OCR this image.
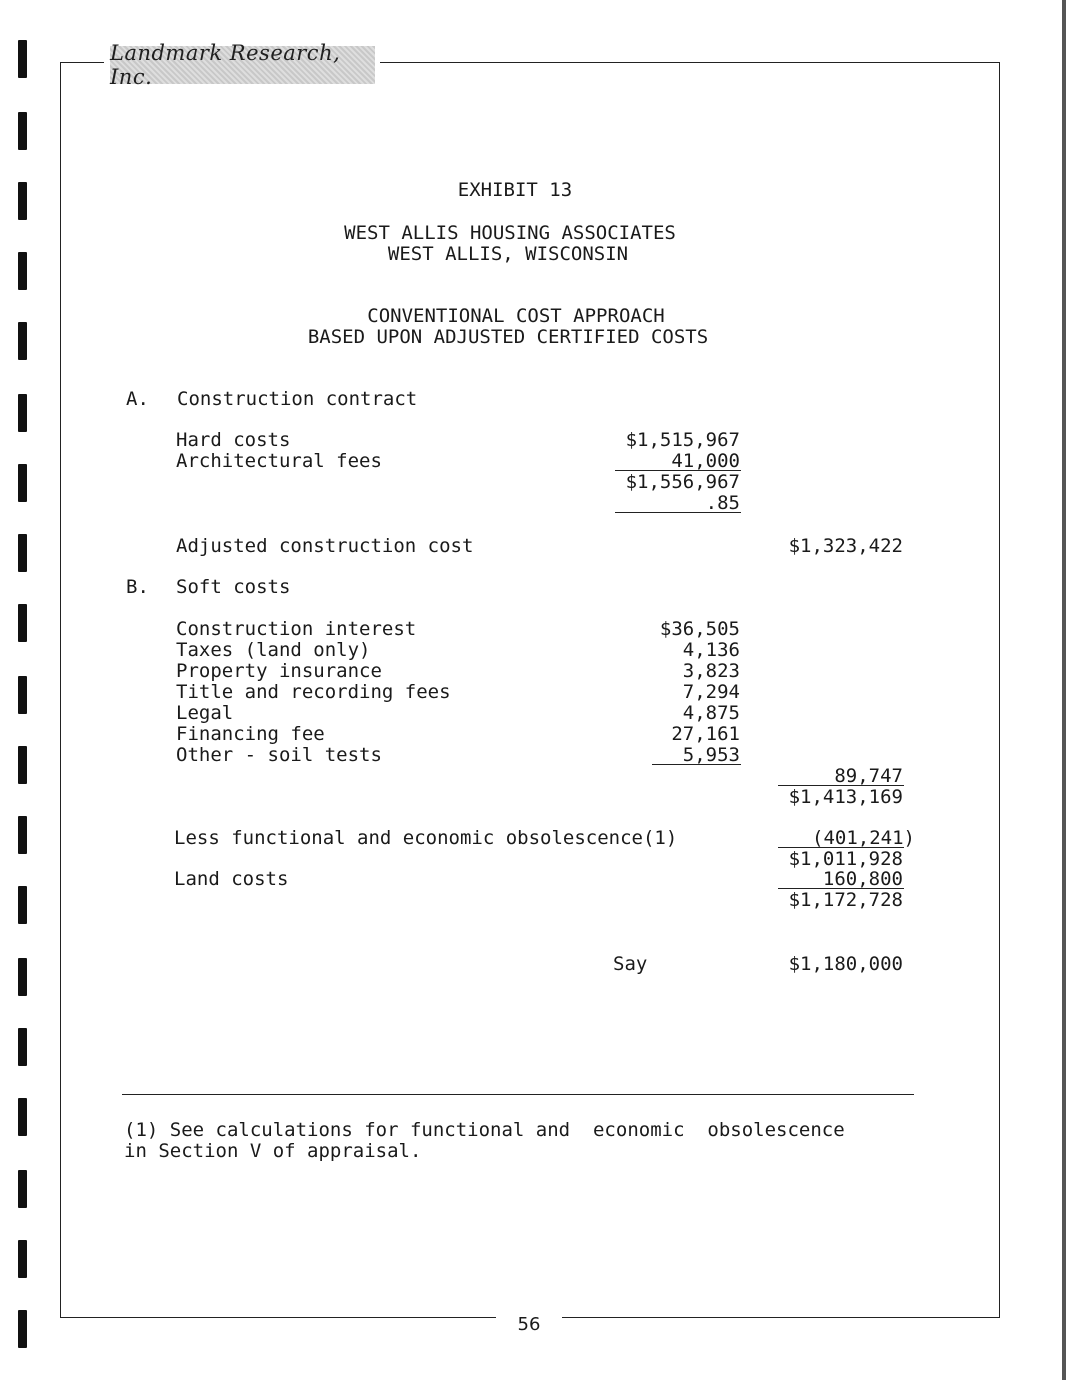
Landmark Research, Inc.
EXHIBIT 13
WEST ALLIS HOUSING ASSOCIATES
WEST ALLIS, WISCONSIN
CONVENTIONAL COST APPROACH
BASED UPON ADJUSTED CERTIFIED COSTS
A. Construction contract
Hard costs	$1,515,967
Architectural fees	41,000
$1,556,967
.85
Adjusted construction cost	$1,323,422
B. Soft costs
Construction interest	$36,505
Taxes (land only)	4,136
Property insurance	3,823
Title and recording fees	7,294
Legal	4,875
Financing fee	27,161
Other - soil tests	5,953
89,747
$1,413,169
Less functional and economic obsolescence(1)	(401,241)
$1,011,928
Land costs	160,800
$1,172,728
Say	$1,180,000
(1) See calculations for functional and  economic  obsolescence
in Section V of appraisal.
56
